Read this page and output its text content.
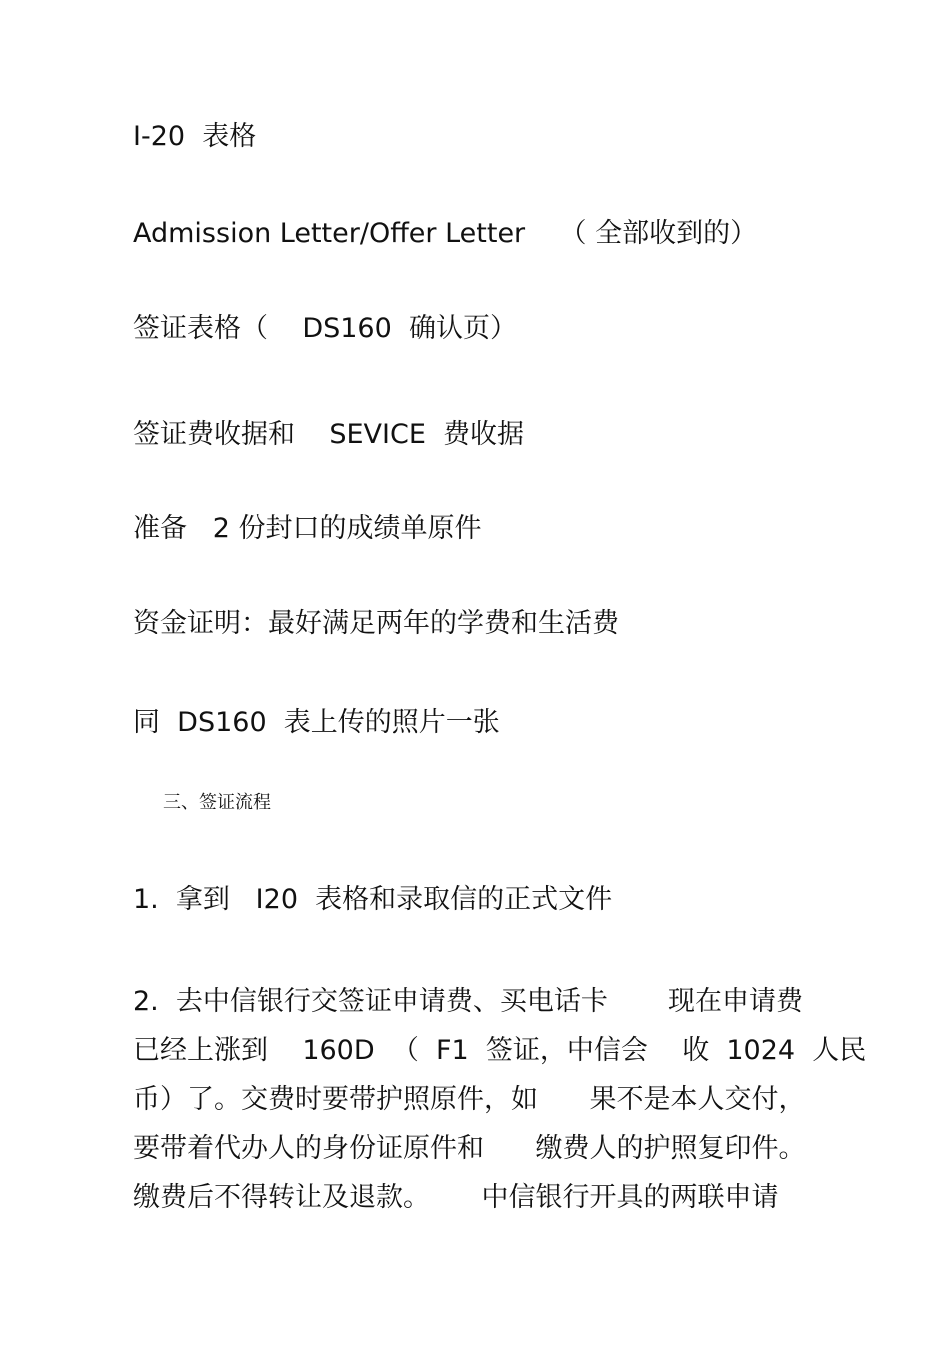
I-20  表格
Admission Letter/Offer Letter    （ 全部收到的）
签证表格（    DS160  确认页）
签证费收据和    SEVICE  费收据
准备   2 份封口的成绩单原件
资金证明：最好满足两年的学费和生活费
同  DS160  表上传的照片一张
三、签证流程
1.  拿到   I20  表格和录取信的正式文件
2.  去中信银行交签证申请费、买电话卡       现在申请费
已经上涨到    160D  （  F1  签证，中信会    收  1024  人民
币）了。交费时要带护照原件，如      果不是本人交付，
要带着代办人的身份证原件和      缴费人的护照复印件。
缴费后不得转让及退款。      中信银行开具的两联申请
